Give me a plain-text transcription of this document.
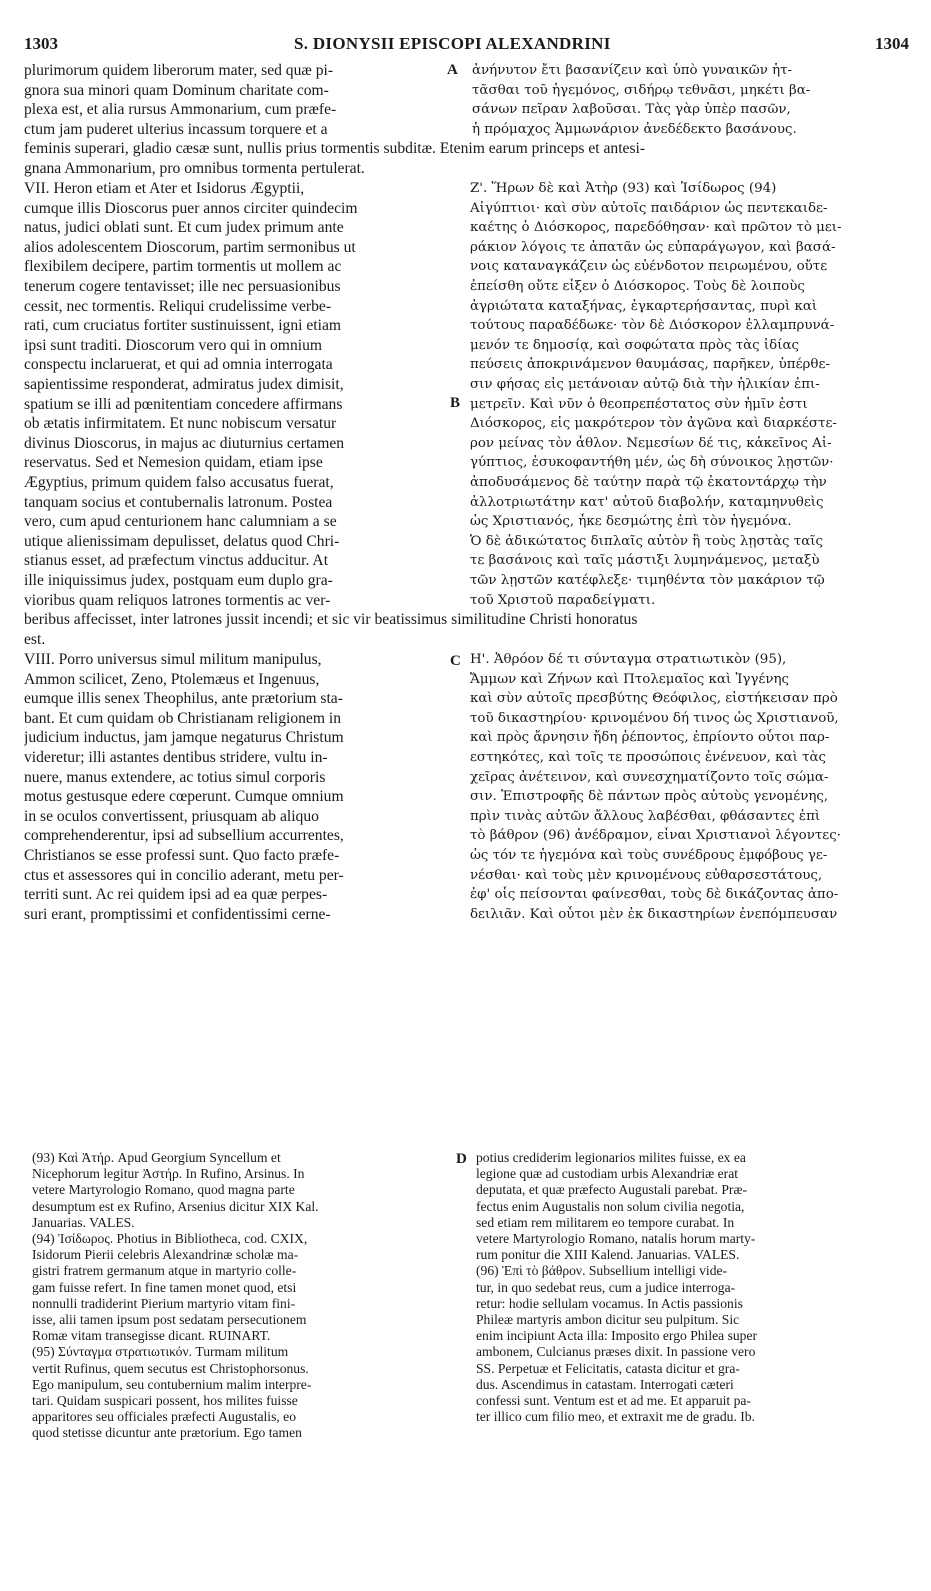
1303	S. DIONYSII EPISCOPI ALEXANDRINI	1304
A
B
C
D
plurimorum quidem liberorum mater, sed quæ pi-
gnora sua minori quam Dominum charitate com-
plexa est, et alia rursus Ammonarium, cum præfe-
ctum jam puderet ulterius incassum torquere et a
ἀνήνυτον ἔτι βασανίζειν καὶ ὑπὸ γυναικῶν ἡτ-
τᾶσθαι τοῦ ἡγεμόνος, σιδήρῳ τεθνᾶσι, μηκέτι βα-
σάνων πεῖραν λαβοῦσαι. Τὰς γὰρ ὑπὲρ πασῶν,
ἡ πρόμαχος Ἀμμωνάριον ἀνεδέδεκτο βασάνους.
feminis superari, gladio cæsæ sunt, nullis prius tormentis subditæ. Etenim earum princeps et antesi-
gnana Ammonarium, pro omnibus tormenta pertulerat.
VII. Heron etiam et Ater et Isidorus Ægyptii,
cumque illis Dioscorus puer annos circiter quindecim
natus, judici oblati sunt. Et cum judex primum ante
alios adolescentem Dioscorum, partim sermonibus ut
flexibilem decipere, partim tormentis ut mollem ac
tenerum cogere tentavisset; ille nec persuasionibus
cessit, nec tormentis. Reliqui crudelissime verbe-
rati, cum cruciatus fortiter sustinuissent, igni etiam
ipsi sunt traditi. Dioscorum vero qui in omnium
conspectu inclaruerat, et qui ad omnia interrogata
sapientissime responderat, admiratus judex dimisit,
spatium se illi ad pœnitentiam concedere affirmans
ob ætatis infirmitatem. Et nunc nobiscum versatur
divinus Dioscorus, in majus ac diuturnius certamen
reservatus. Sed et Nemesion quidam, etiam ipse
Ægyptius, primum quidem falso accusatus fuerat,
tanquam socius et contubernalis latronum. Postea
vero, cum apud centurionem hanc calumniam a se
utique alienissimam depulisset, delatus quod Chri-
stianus esset, ad præfectum vinctus adducitur. At
ille iniquissimus judex, postquam eum duplo gra-
vioribus quam reliquos latrones tormentis ac ver-
Ζ'. Ἥρων δὲ καὶ Ἀτὴρ (93) καὶ Ἰσίδωρος (94)
Αἰγύπτιοι· καὶ σὺν αὐτοῖς παιδάριον ὡς πεντεκαιδε-
καέτης ὁ Διόσκορος, παρεδόθησαν· καὶ πρῶτον τὸ μει-
ράκιον λόγοις τε ἀπατᾶν ὡς εὐπαράγωγον, καὶ βασά-
νοις καταναγκάζειν ὡς εὐένδοτον πειρωμένου, οὔτε
ἐπείσθη οὔτε εἶξεν ὁ Διόσκορος. Τοὺς δὲ λοιποὺς
ἀγριώτατα καταξήνας, ἐγκαρτερήσαντας, πυρὶ καὶ
τούτους παραδέδωκε· τὸν δὲ Διόσκορον ἐλλαμπρυνά-
μενόν τε δημοσίᾳ, καὶ σοφώτατα πρὸς τὰς ἰδίας
πεύσεις ἀποκρινάμενον θαυμάσας, παρῆκεν, ὑπέρθε-
σιν φήσας εἰς μετάνοιαν αὐτῷ διὰ τὴν ἡλικίαν ἐπι-
μετρεῖν. Καὶ νῦν ὁ θεοπρεπέστατος σὺν ἡμῖν ἐστι
Διόσκορος, εἰς μακρότερον τὸν ἀγῶνα καὶ διαρκέστε-
ρον μείνας τὸν ἆθλον. Νεμεσίων δέ τις, κἀκεῖνος Αἰ-
γύπτιος, ἐσυκοφαντήθη μέν, ὡς δὴ σύνοικος λῃστῶν·
ἀποδυσάμενος δὲ ταύτην παρὰ τῷ ἑκατοντάρχῳ τὴν
ἀλλοτριωτάτην κατ' αὐτοῦ διαβολήν, καταμηνυθεὶς
ὡς Χριστιανός, ἧκε δεσμώτης ἐπὶ τὸν ἡγεμόνα.
Ὁ δὲ ἀδικώτατος διπλαῖς αὐτὸν ἢ τοὺς λῃστὰς ταῖς
τε βασάνοις καὶ ταῖς μάστιξι λυμηνάμενος, μεταξὺ
τῶν λῃστῶν κατέφλεξε· τιμηθέντα τὸν μακάριον τῷ
τοῦ Χριστοῦ παραδείγματι.
beribus affecisset, inter latrones jussit incendi; et sic vir beatissimus similitudine Christi honoratus
est.
VIII. Porro universus simul militum manipulus,
Ammon scilicet, Zeno, Ptolemæus et Ingenuus,
eumque illis senex Theophilus, ante prætorium sta-
bant. Et cum quidam ob Christianam religionem in
judicium inductus, jam jamque negaturus Christum
videretur; illi astantes dentibus stridere, vultu in-
nuere, manus extendere, ac totius simul corporis
motus gestusque edere cœperunt. Cumque omnium
in se oculos convertissent, priusquam ab aliquo
comprehenderentur, ipsi ad subsellium accurrentes,
Christianos se esse professi sunt. Quo facto præfe-
ctus et assessores qui in concilio aderant, metu per-
territi sunt. Ac rei quidem ipsi ad ea quæ perpes-
suri erant, promptissimi et confidentissimi cerne-
Η'. Ἀθρόον δέ τι σύνταγμα στρατιωτικὸν (95),
Ἄμμων καὶ Ζήνων καὶ Πτολεμαῖος καὶ Ἰγγένης
καὶ σὺν αὐτοῖς πρεσβύτης Θεόφιλος, εἱστήκεισαν πρὸ
τοῦ δικαστηρίου· κρινομένου δή τινος ὡς Χριστιανοῦ,
καὶ πρὸς ἄρνησιν ἤδη ῥέποντος, ἐπρίοντο οὗτοι παρ-
εστηκότες, καὶ τοῖς τε προσώποις ἐνένευον, καὶ τὰς
χεῖρας ἀνέτεινον, καὶ συνεσχηματίζοντο τοῖς σώμα-
σιν. Ἐπιστροφῆς δὲ πάντων πρὸς αὐτοὺς γενομένης,
πρὶν τινὰς αὐτῶν ἄλλους λαβέσθαι, φθάσαντες ἐπὶ
τὸ βάθρον (96) ἀνέδραμον, εἶναι Χριστιανοὶ λέγοντες·
ὡς τόν τε ἡγεμόνα καὶ τοὺς συνέδρους ἐμφόβους γε-
νέσθαι· καὶ τοὺς μὲν κρινομένους εὐθαρσεστάτους,
ἐφ' οἷς πείσονται φαίνεσθαι, τοὺς δὲ δικάζοντας ἀπο-
δειλιᾶν. Καὶ οὗτοι μὲν ἐκ δικαστηρίων ἐνεπόμπευσαν
(93) Καὶ Ἀτήρ. Apud Georgium Syncellum et
Nicephorum legitur Ἀστήρ. In Rufino, Arsinus. In
vetere Martyrologio Romano, quod magna parte
desumptum est ex Rufino, Arsenius dicitur XIX Kal.
Januarias. VALES.
(94) Ἰσίδωρος. Photius in Bibliotheca, cod. CXIX,
Isidorum Pierii celebris Alexandrinæ scholæ ma-
gistri fratrem germanum atque in martyrio colle-
gam fuisse refert. In fine tamen monet quod, etsi
nonnulli tradiderint Pierium martyrio vitam fini-
isse, alii tamen ipsum post sedatam persecutionem
Romæ vitam transegisse dicant. RUINART.
(95) Σύνταγμα στρατιωτικόν. Turmam militum
vertit Rufinus, quem secutus est Christophorsonus.
Ego manipulum, seu contubernium malim interpre-
tari. Quidam suspicari possent, hos milites fuisse
apparitores seu officiales præfecti Augustalis, eo
quod stetisse dicuntur ante prætorium. Ego tamen
potius crediderim legionarios milites fuisse, ex ea
legione quæ ad custodiam urbis Alexandriæ erat
deputata, et quæ præfecto Augustali parebat. Præ-
fectus enim Augustalis non solum civilia negotia,
sed etiam rem militarem eo tempore curabat. In
vetere Martyrologio Romano, natalis horum marty-
rum ponitur die XIII Kalend. Januarias. VALES.
(96) Ἐπὶ τὸ βάθρον. Subsellium intelligi vide-
tur, in quo sedebat reus, cum a judice interroga-
retur: hodie sellulam vocamus. In Actis passionis
Phileæ martyris ambon dicitur seu pulpitum. Sic
enim incipiunt Acta illa: Imposito ergo Philea super
ambonem, Culcianus præses dixit. In passione vero
SS. Perpetuæ et Felicitatis, catasta dicitur et gra-
dus. Ascendimus in catastam. Interrogati cæteri
confessi sunt. Ventum est et ad me. Et apparuit pa-
ter illico cum filio meo, et extraxit me de gradu. Ib.
